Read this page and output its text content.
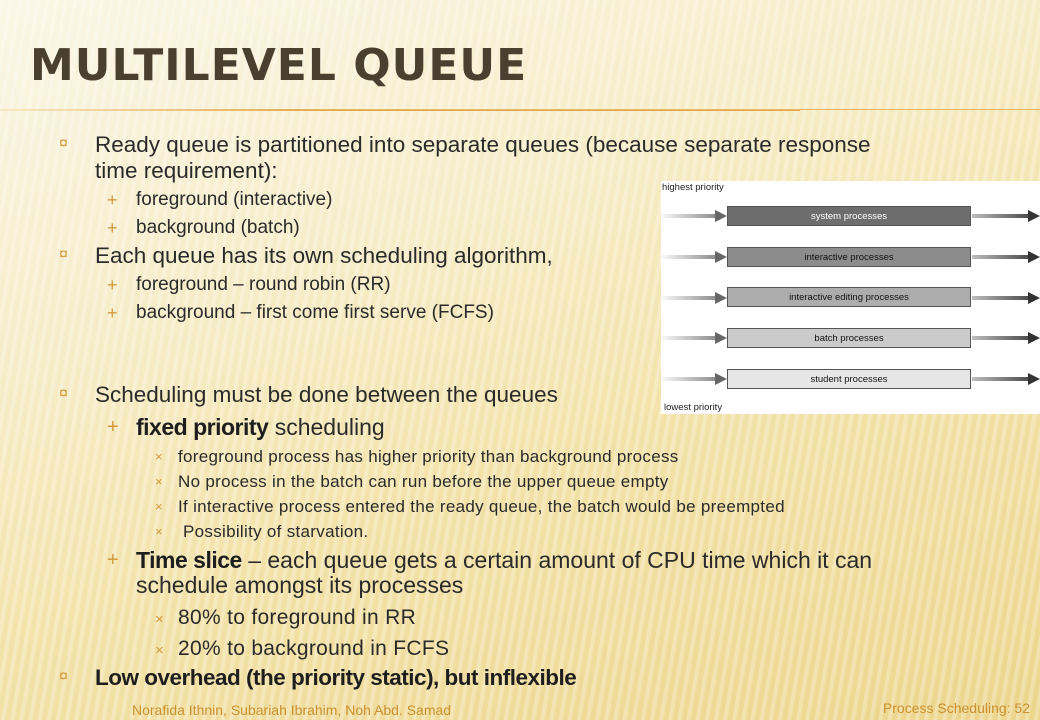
MULTILEVEL QUEUE
¤ Ready queue is partitioned into separate queues (because separate response time requirement):
+ foreground (interactive)
+ background (batch)
¤ Each queue has its own scheduling algorithm,
+ foreground – round robin (RR)
+ background – first come first serve (FCFS)
¤ Scheduling must be done between the queues
+ fixed priority scheduling
× foreground process has higher priority than background process
× No process in the batch can run before the upper queue empty
× If interactive process entered the ready queue, the batch would be preempted
× Possibility of starvation.
+ Time slice – each queue gets a certain amount of CPU time which it can schedule amongst its processes
× 80% to foreground in RR
× 20% to background in FCFS
¤ Low overhead (the priority static), but inflexible
highest priority
system processes
interactive processes
interactive editing processes
batch processes
student processes
lowest priority
Norafida Ithnin, Subariah Ibrahim, Noh Abd. Samad	Process Scheduling: 52
